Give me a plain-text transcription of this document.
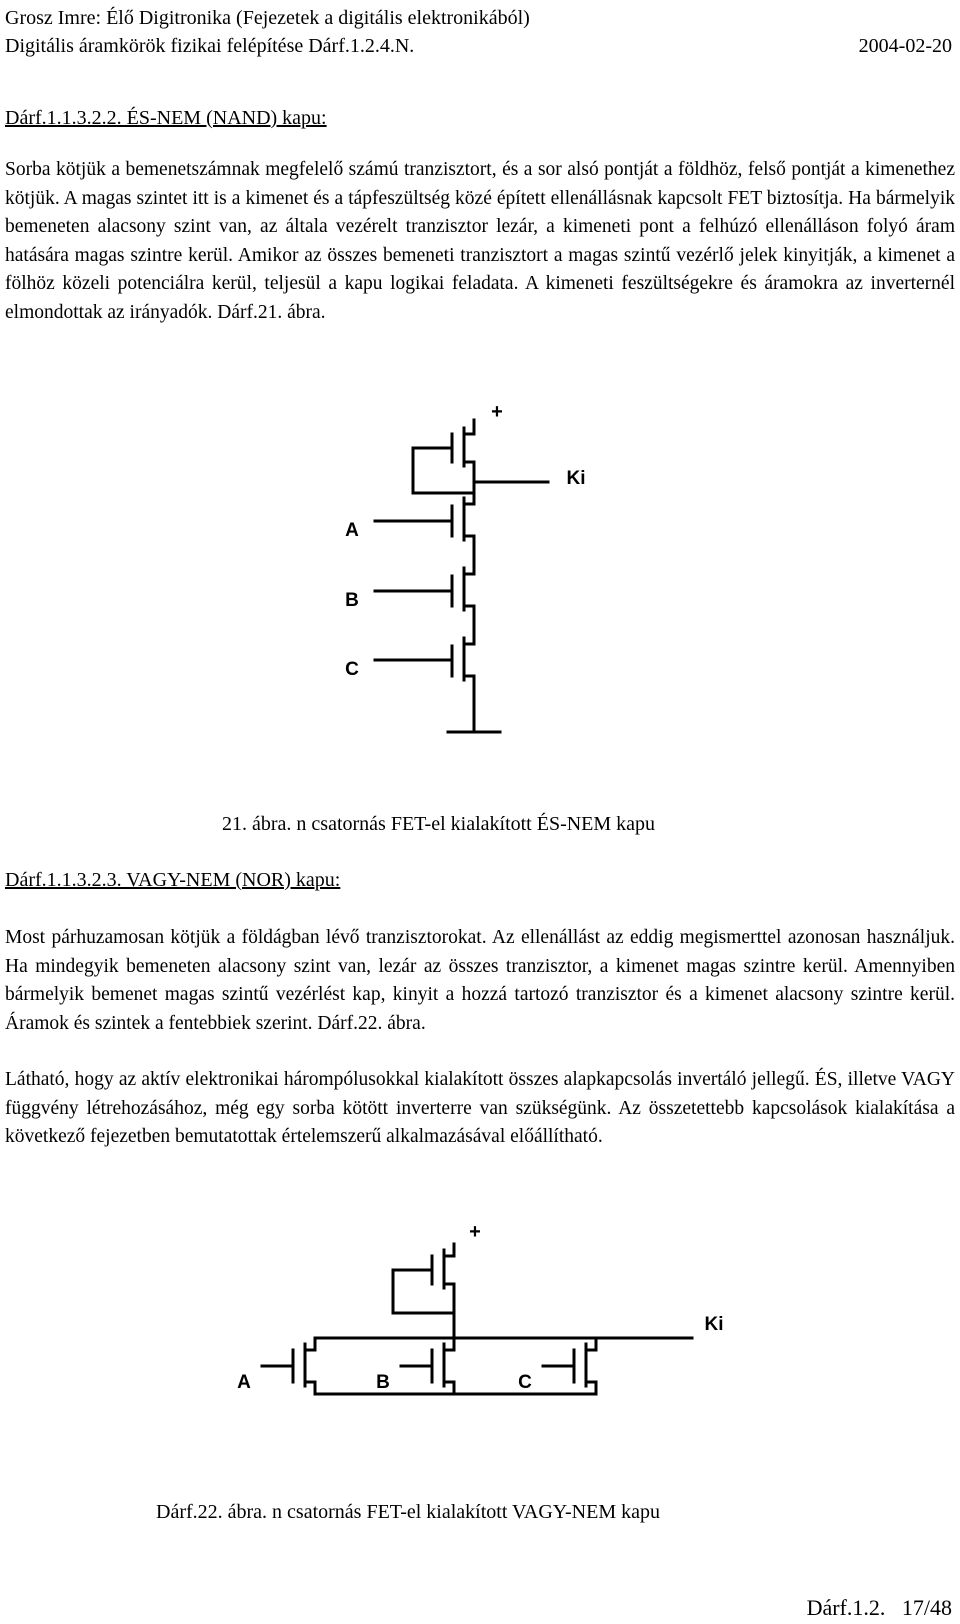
Grosz Imre: Élő Digitronika (Fejezetek a digitális elektronikából)
Digitális áramkörök fizikai felépítése Dárf.1.2.4.N.	2004-02-20
Dárf.1.1.3.2.2. ÉS-NEM (NAND) kapu:

Sorba kötjük a bemenetszámnak megfelelő számú tranzisztort, és a sor alsó pontját a földhöz, felső pontját a kimenethez kötjük. A magas szintet itt is a kimenet és a tápfeszültség közé épített ellenállásnak kapcsolt FET biztosítja. Ha bármelyik bemeneten alacsony szint van, az általa vezérelt tranzisztor lezár, a kimeneti pont a felhúzó ellenálláson folyó áram hatására magas szintre kerül. Amikor az összes bemeneti tranzisztort a magas szintű vezérlő jelek kinyitják, a kimenet a fölhöz közeli potenciálra kerül, teljesül a kapu logikai feladata. A kimeneti feszültségekre és áramokra az inverternél elmondottak az irányadók. Dárf.21. ábra.

+
Ki
A
B
C
21. ábra. n csatornás FET-el kialakított ÉS-NEM kapu
Dárf.1.1.3.2.3. VAGY-NEM (NOR) kapu:

Most párhuzamosan kötjük a földágban lévő tranzisztorokat. Az ellenállást az eddig megismerttel azonosan használjuk. Ha mindegyik bemeneten alacsony szint van, lezár az összes tranzisztor, a kimenet magas szintre kerül. Amennyiben bármelyik bemenet magas szintű vezérlést kap, kinyit a hozzá tartozó tranzisztor és a kimenet alacsony szintre kerül. Áramok és szintek a fentebbiek szerint. Dárf.22. ábra.

Látható, hogy az aktív elektronikai hárompólusokkal kialakított összes alapkapcsolás invertáló jellegű. ÉS, illetve VAGY függvény létrehozásához, még egy sorba kötött inverterre van szükségünk. Az összetettebb kapcsolások kialakítása a következő fejezetben bemutatottak értelemszerű alkalmazásával előállítható.

+
Ki
A	B	C
Dárf.22. ábra. n csatornás FET-el kialakított VAGY-NEM kapu
Dárf.1.2. 17/48
